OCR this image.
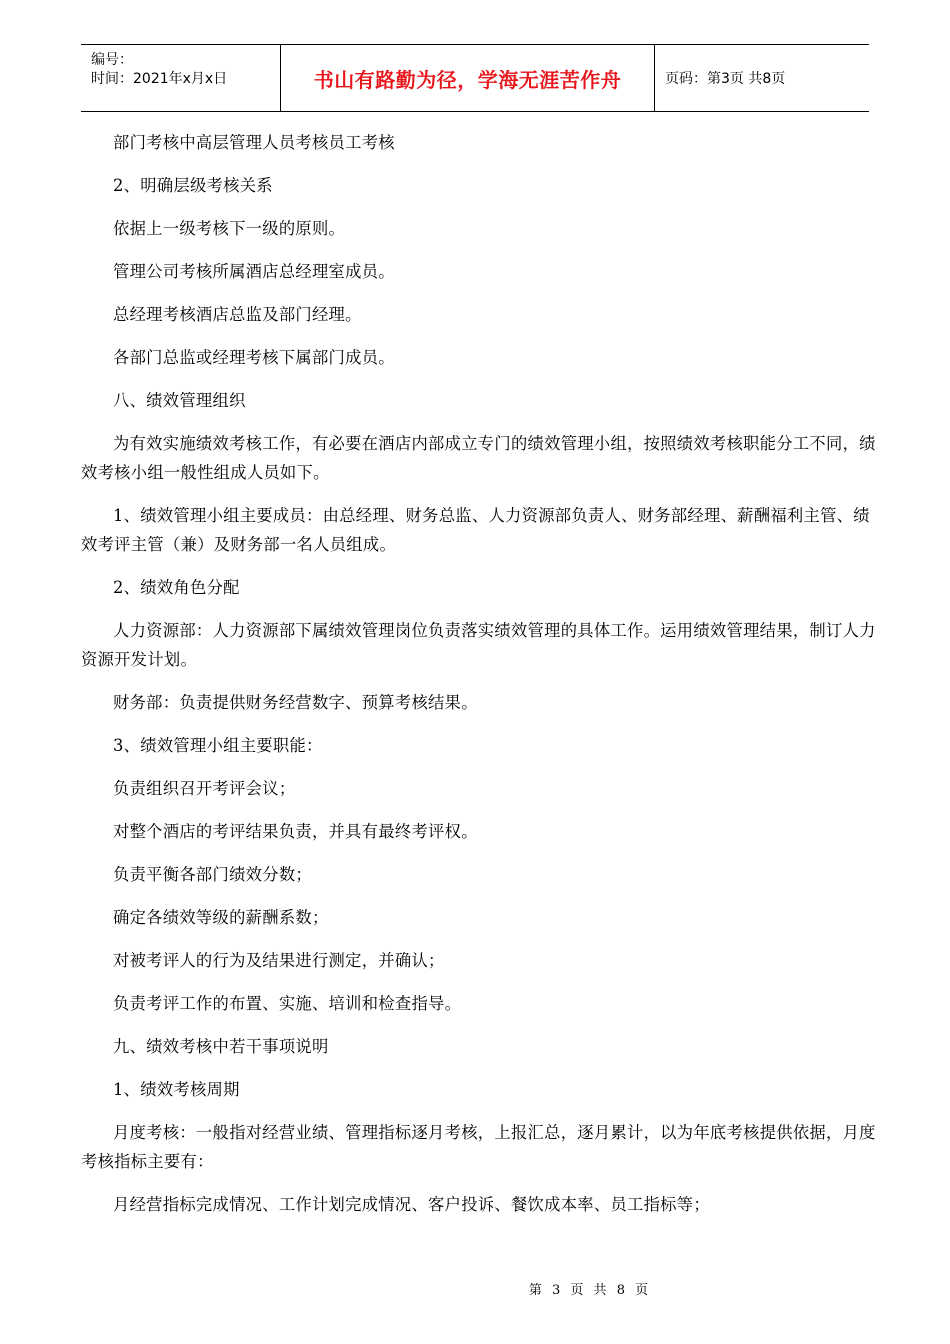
编号：
时间：2021年x月x日	书山有路勤为径，学海无涯苦作舟	页码：第3页 共8页

部门考核中高层管理人员考核员工考核

2、明确层级考核关系

依据上一级考核下一级的原则。

管理公司考核所属酒店总经理室成员。

总经理考核酒店总监及部门经理。

各部门总监或经理考核下属部门成员。

八、绩效管理组织

为有效实施绩效考核工作，有必要在酒店内部成立专门的绩效管理小组，按照绩效考核职能分工不同，绩效考核小组一般性组成人员如下。

1、绩效管理小组主要成员：由总经理、财务总监、人力资源部负责人、财务部经理、薪酬福利主管、绩效考评主管（兼）及财务部一名人员组成。

2、绩效角色分配

人力资源部：人力资源部下属绩效管理岗位负责落实绩效管理的具体工作。运用绩效管理结果，制订人力资源开发计划。

财务部：负责提供财务经营数字、预算考核结果。

3、绩效管理小组主要职能：

负责组织召开考评会议；

对整个酒店的考评结果负责，并具有最终考评权。

负责平衡各部门绩效分数；

确定各绩效等级的薪酬系数；

对被考评人的行为及结果进行测定，并确认；

负责考评工作的布置、实施、培训和检查指导。

九、绩效考核中若干事项说明

1、绩效考核周期

月度考核：一般指对经营业绩、管理指标逐月考核，上报汇总，逐月累计，以为年底考核提供依据，月度考核指标主要有：

月经营指标完成情况、工作计划完成情况、客户投诉、餐饮成本率、员工指标等；

第 3 页 共 8 页
